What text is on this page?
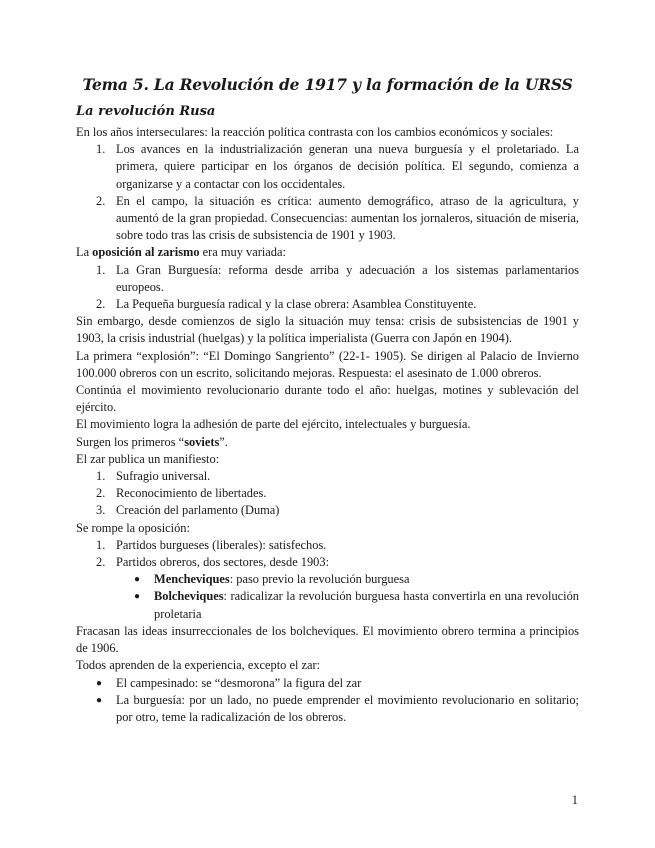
Tema 5. La Revolución de 1917 y la formación de la URSS
La revolución Rusa

En los años interseculares: la reacción política contrasta con los cambios económicos y sociales:

1. Los avances en la industrialización generan una nueva burguesía y el proletariado. La primera, quiere participar en los órganos de decisión política. El segundo, comienza a organizarse y a contactar con los occidentales.
2. En el campo, la situación es crítica: aumento demográfico, atraso de la agricultura, y aumentó de la gran propiedad. Consecuencias: aumentan los jornaleros, situación de miseria, sobre todo tras las crisis de subsistencia de 1901 y 1903.

La oposición al zarismo era muy variada:

1. La Gran Burguesía: reforma desde arriba y adecuación a los sistemas parlamentarios europeos.
2. La Pequeña burguesía radical y la clase obrera: Asamblea Constituyente.

Sin embargo, desde comienzos de siglo la situación muy tensa: crisis de subsistencias de 1901 y 1903, la crisis industrial (huelgas) y la política imperialista (Guerra con Japón en 1904).

La primera “explosión”: “El Domingo Sangriento” (22-1- 1905). Se dirigen al Palacio de Invierno 100.000 obreros con un escrito, solicitando mejoras. Respuesta: el asesinato de 1.000 obreros.

Continúa el movimiento revolucionario durante todo el año: huelgas, motines y sublevación del ejército.

El movimiento logra la adhesión de parte del ejército, intelectuales y burguesía.

Surgen los primeros “soviets”.

El zar publica un manifiesto:

1. Sufragio universal.
2. Reconocimiento de libertades.
3. Creación del parlamento (Duma)

Se rompe la oposición:

1. Partidos burgueses (liberales): satisfechos.
2. Partidos obreros, dos sectores, desde 1903:
● Mencheviques: paso previo la revolución burguesa
● Bolcheviques: radicalizar la revolución burguesa hasta convertirla en una revolución proletaria

Fracasan las ideas insurreccionales de los bolcheviques. El movimiento obrero termina a principios de 1906.

Todos aprenden de la experiencia, excepto el zar:

● El campesinado: se “desmorona” la figura del zar
● La burguesía: por un lado, no puede emprender el movimiento revolucionario en solitario; por otro, teme la radicalización de los obreros.
1
